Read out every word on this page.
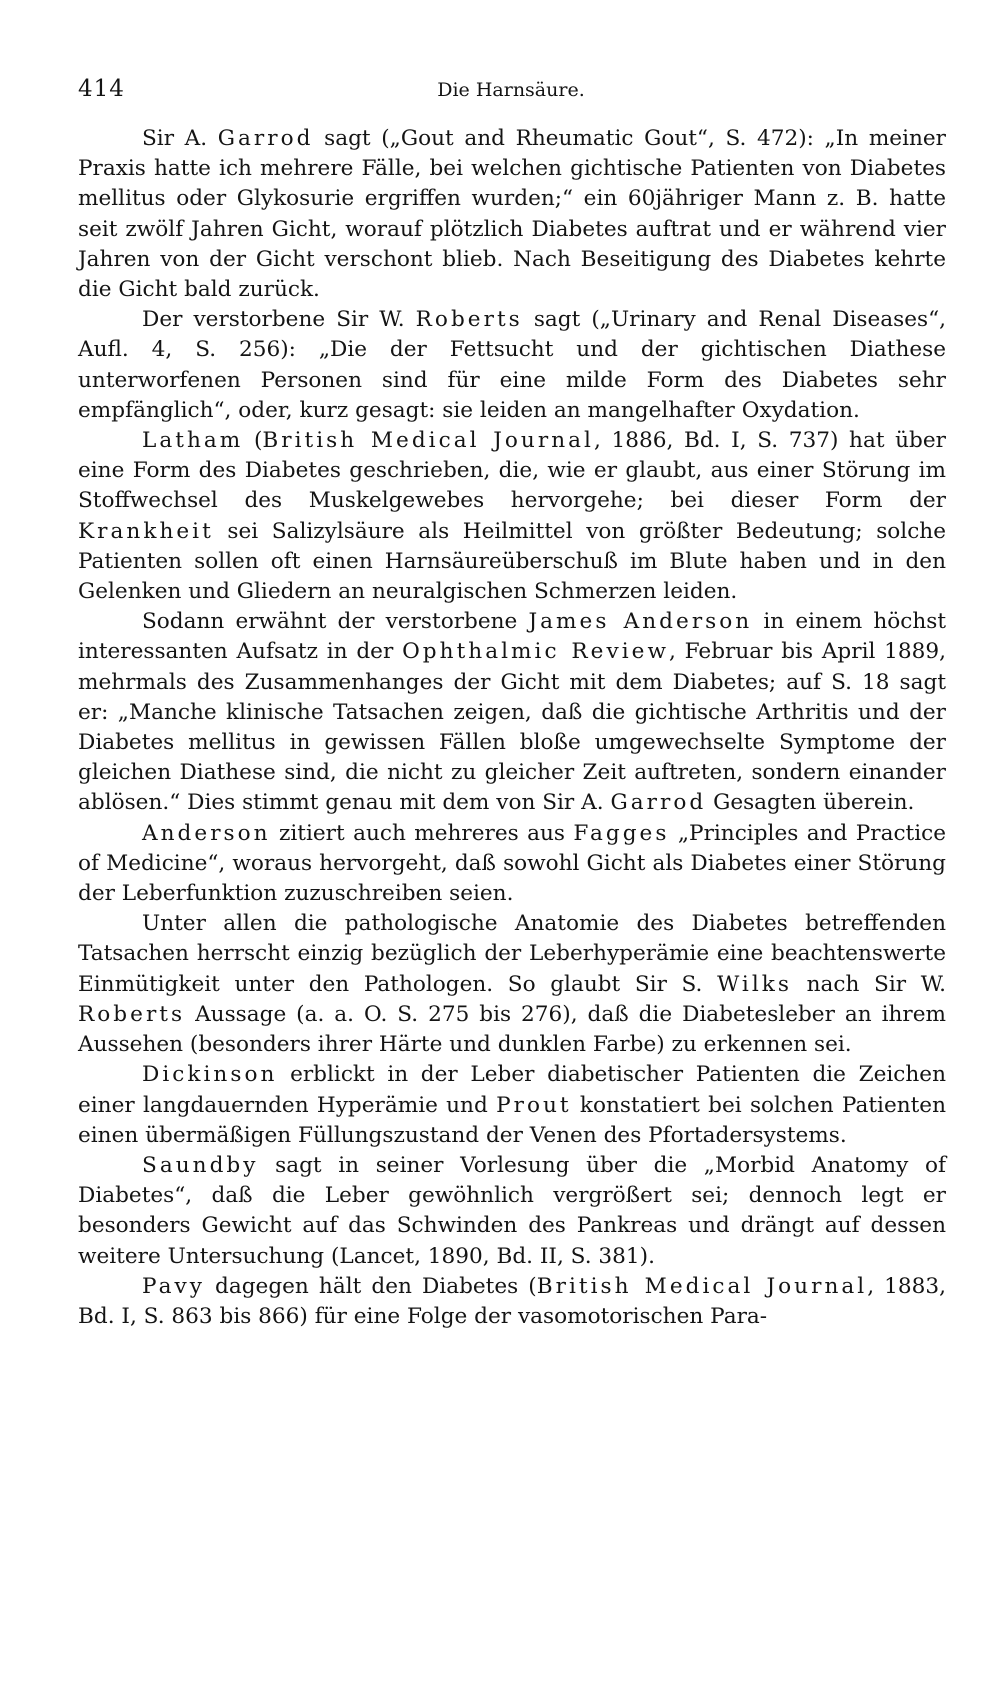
414	Die Harnsäure.

Sir A. Garrod sagt („Gout and Rheumatic Gout“, S. 472): „In meiner Praxis hatte ich mehrere Fälle, bei welchen gichtische Patienten von Diabetes mellitus oder Glykosurie ergriffen wurden;“ ein 60jähriger Mann z. B. hatte seit zwölf Jahren Gicht, worauf plötzlich Diabetes auftrat und er während vier Jahren von der Gicht verschont blieb. Nach Beseitigung des Diabetes kehrte die Gicht bald zurück.

Der verstorbene Sir W. Roberts sagt („Urinary and Renal Diseases“, Aufl. 4, S. 256): „Die der Fettsucht und der gichtischen Diathese unterworfenen Personen sind für eine milde Form des Diabetes sehr empfänglich“, oder, kurz gesagt: sie leiden an mangelhafter Oxydation.

Latham (British Medical Journal, 1886, Bd. I, S. 737) hat über eine Form des Diabetes geschrieben, die, wie er glaubt, aus einer Störung im Stoffwechsel des Muskelgewebes hervorgehe; bei dieser Form der Krankheit sei Salizylsäure als Heilmittel von größter Bedeutung; solche Patienten sollen oft einen Harnsäureüberschuß im Blute haben und in den Gelenken und Gliedern an neuralgischen Schmerzen leiden.

Sodann erwähnt der verstorbene James Anderson in einem höchst interessanten Aufsatz in der Ophthalmic Review, Februar bis April 1889, mehrmals des Zusammenhanges der Gicht mit dem Diabetes; auf S. 18 sagt er: „Manche klinische Tatsachen zeigen, daß die gichtische Arthritis und der Diabetes mellitus in gewissen Fällen bloße umgewechselte Symptome der gleichen Diathese sind, die nicht zu gleicher Zeit auftreten, sondern einander ablösen.“ Dies stimmt genau mit dem von Sir A. Garrod Gesagten überein.

Anderson zitiert auch mehreres aus Fagges „Principles and Practice of Medicine“, woraus hervorgeht, daß sowohl Gicht als Diabetes einer Störung der Leberfunktion zuzuschreiben seien.

Unter allen die pathologische Anatomie des Diabetes betreffenden Tatsachen herrscht einzig bezüglich der Leberhyperämie eine beachtenswerte Einmütigkeit unter den Pathologen. So glaubt Sir S. Wilks nach Sir W. Roberts Aussage (a. a. O. S. 275 bis 276), daß die Diabetesleber an ihrem Aussehen (besonders ihrer Härte und dunklen Farbe) zu erkennen sei.

Dickinson erblickt in der Leber diabetischer Patienten die Zeichen einer langdauernden Hyperämie und Prout konstatiert bei solchen Patienten einen übermäßigen Füllungszustand der Venen des Pfortadersystems.

Saundby sagt in seiner Vorlesung über die „Morbid Anatomy of Diabetes“, daß die Leber gewöhnlich vergrößert sei; dennoch legt er besonders Gewicht auf das Schwinden des Pankreas und drängt auf dessen weitere Untersuchung (Lancet, 1890, Bd. II, S. 381).

Pavy dagegen hält den Diabetes (British Medical Journal, 1883, Bd. I, S. 863 bis 866) für eine Folge der vasomotorischen Para-
